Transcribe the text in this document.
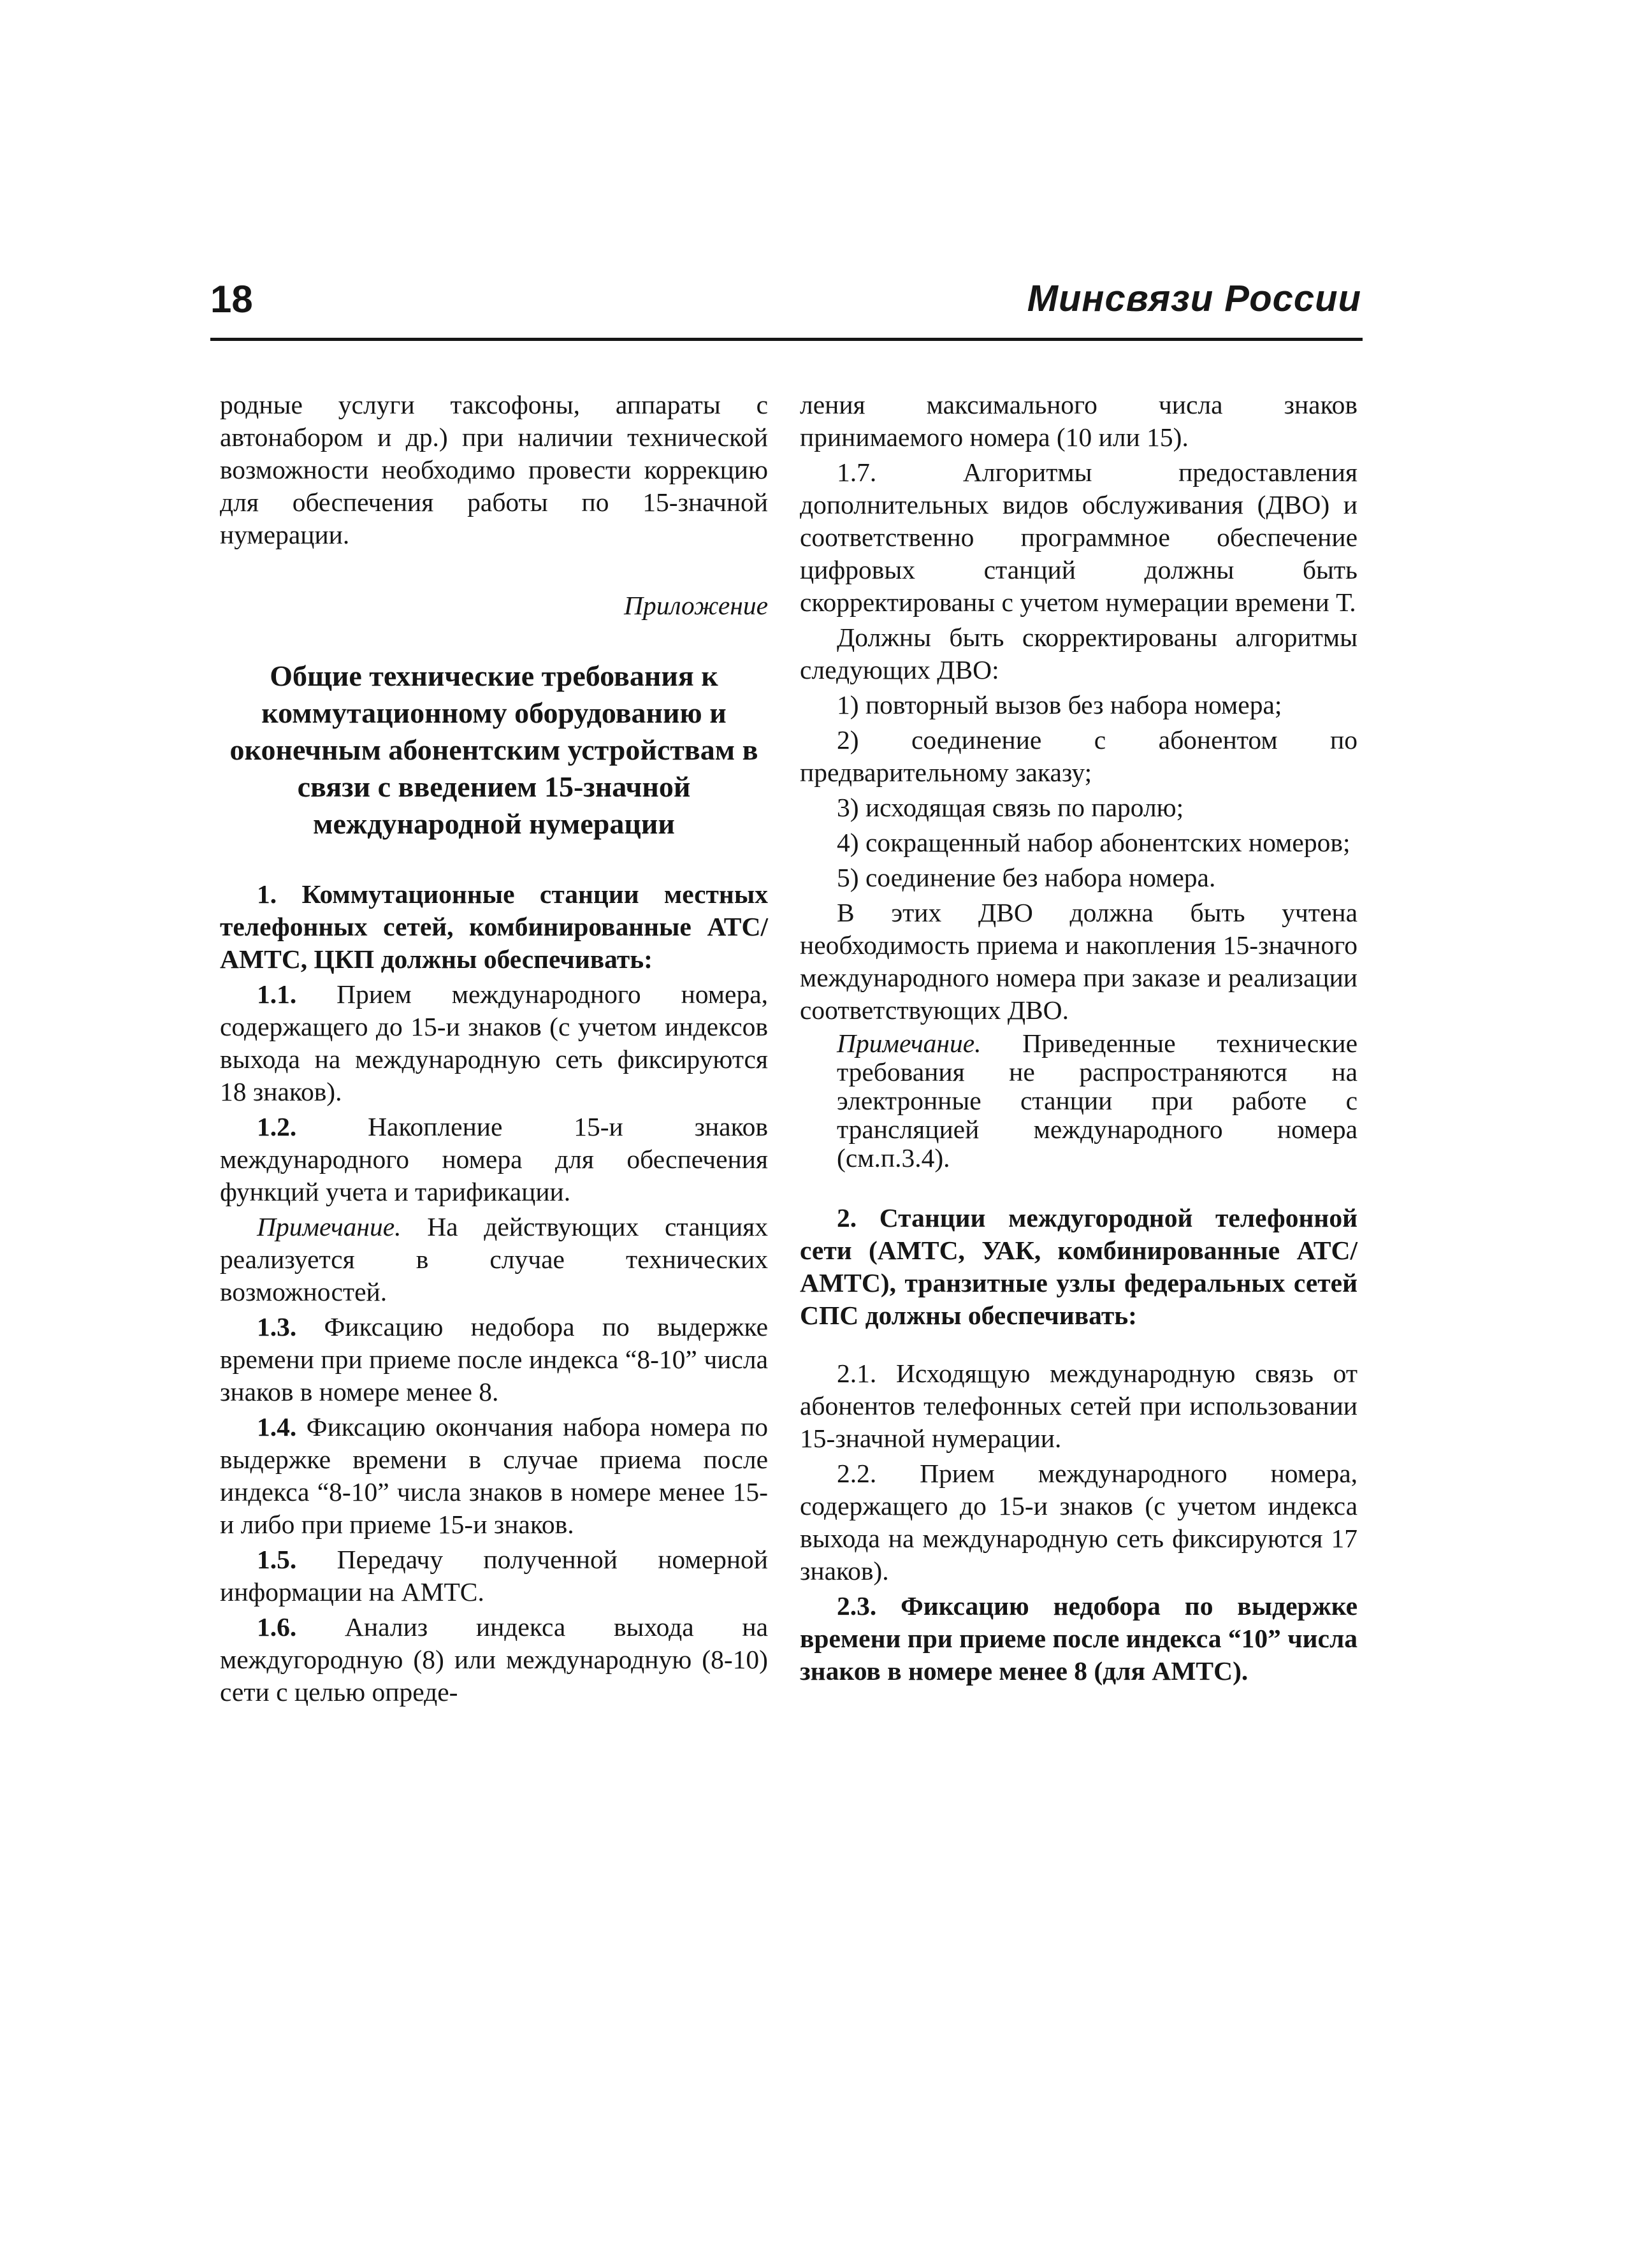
18	Минсвязи России

родные услуги таксофоны, аппараты с автонабором и др.) при наличии технической возможности необходимо провести коррекцию для обеспечения работы по 15-значной нумерации.

Приложение

Общие технические требования к коммутационному оборудованию и оконечным абонентским устройствам в связи с введением 15-значной международной нумерации

1. Коммутационные станции местных телефонных сетей, комбинированные АТС/АМТС, ЦКП должны обеспечивать:

1.1. Прием международного номера, содержащего до 15-и знаков (с учетом индексов выхода на международную сеть фиксируются 18 знаков).

1.2.	Накопление 15-и знаков международного номера для обеспечения функций учета и тарификации.

Примечание. На действующих станциях реализуется в случае технических возможностей.

1.3. Фиксацию недобора по выдержке времени при приеме после индекса “8-10” числа знаков в номере менее 8.

1.4. Фиксацию окончания набора номера по выдержке времени в случае приема после индекса “8-10” числа знаков в номере менее 15-и либо при приеме 15-и знаков.

1.5. Передачу полученной номерной информации на АМТС.

1.6. Анализ индекса выхода на междугородную (8) или международную (8-10) сети с целью опреде-

ления максимального числа знаков принимаемого номера (10 или 15).

1.7.	Алгоритмы предоставления дополнительных видов обслуживания (ДВО) и соответственно программное обеспечение цифровых станций должны быть скорректированы с учетом нумерации времени Т.

Должны быть скорректированы алгоритмы следующих ДВО:

1) повторный вызов без набора номера;

2) соединение с абонентом по предварительному заказу;

3) исходящая связь по паролю;

4) сокращенный набор абонентских номеров;

5) соединение без набора номера.

В этих ДВО должна быть учтена необходимость приема и накопления 15-значного международного номера при заказе и реализации соответствующих ДВО.

Примечание. Приведенные технические требования не распространяются на электронные станции при работе с трансляцией международного номера (см.п.3.4).

2. Станции междугородной телефонной сети (АМТС, УАК, комбинированные АТС/АМТС), транзитные узлы федеральных сетей СПС должны обеспечивать:

2.1. Исходящую международную связь от абонентов телефонных сетей при использовании 15-значной нумерации.

2.2. Прием международного номера, содержащего до 15-и знаков (с учетом индекса выхода на международную сеть фиксируются 17 знаков).

2.3. Фиксацию недобора по выдержке времени при приеме после индекса “10” числа знаков в номере менее 8 (для АМТС).
